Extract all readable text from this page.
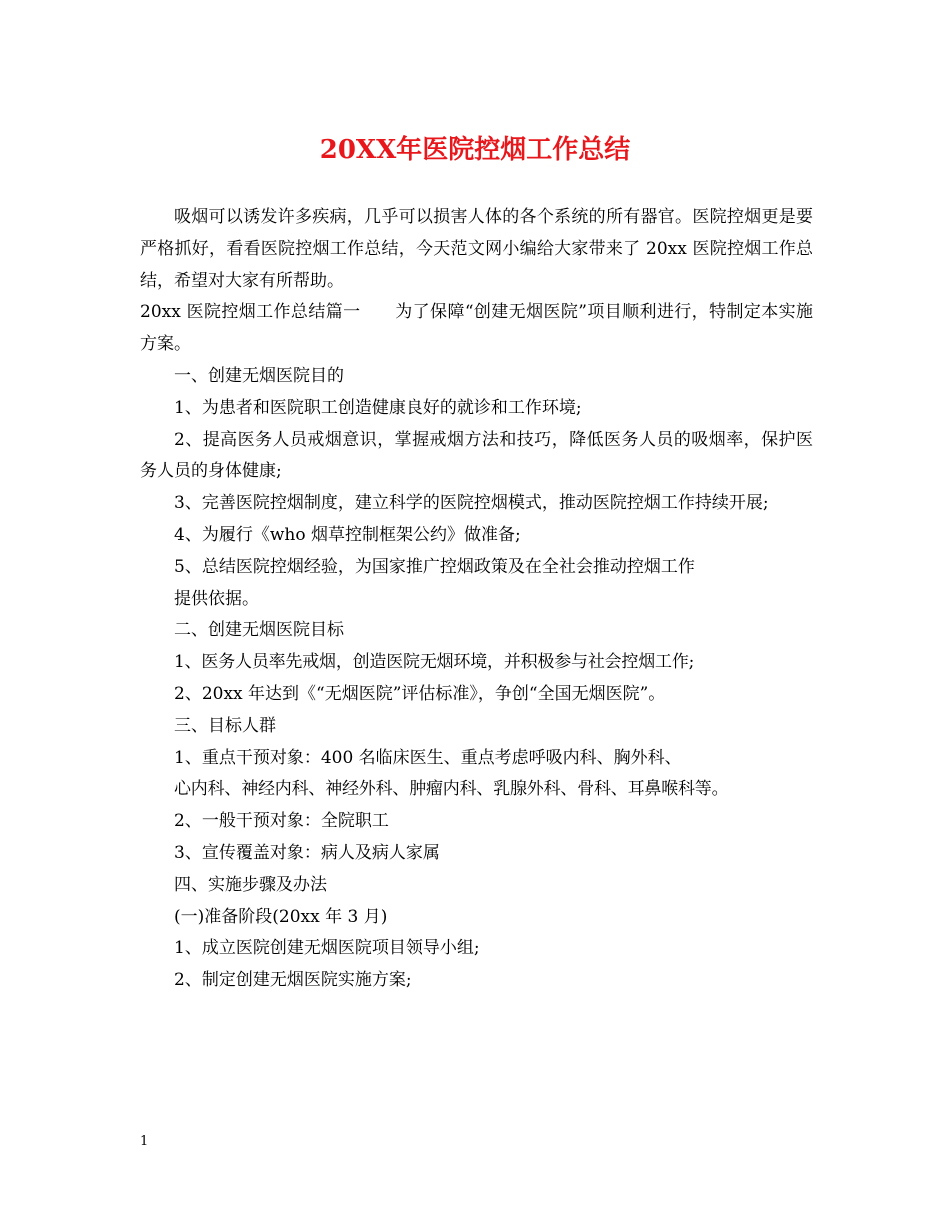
20XX年医院控烟工作总结

吸烟可以诱发许多疾病，几乎可以损害人体的各个系统的所有器官。医院控烟更是要严格抓好，看看医院控烟工作总结，今天范文网小编给大家带来了 20xx 医院控烟工作总结，希望对大家有所帮助。

20xx 医院控烟工作总结篇一　　为了保障“创建无烟医院”项目顺利进行，特制定本实施方案。

一、创建无烟医院目的

1、为患者和医院职工创造健康良好的就诊和工作环境;

2、提高医务人员戒烟意识，掌握戒烟方法和技巧，降低医务人员的吸烟率，保护医务人员的身体健康;

3、完善医院控烟制度，建立科学的医院控烟模式，推动医院控烟工作持续开展;

4、为履行《who 烟草控制框架公约》做准备;

5、总结医院控烟经验，为国家推广控烟政策及在全社会推动控烟工作

提供依据。

二、创建无烟医院目标

1、医务人员率先戒烟，创造医院无烟环境，并积极参与社会控烟工作;

2、20xx 年达到《“无烟医院”评估标准》，争创“全国无烟医院”。

三、目标人群

1、重点干预对象：400 名临床医生、重点考虑呼吸内科、胸外科、

心内科、神经内科、神经外科、肿瘤内科、乳腺外科、骨科、耳鼻喉科等。

2、一般干预对象：全院职工

3、宣传覆盖对象：病人及病人家属

四、实施步骤及办法

(一)准备阶段(20xx 年 3 月)

1、成立医院创建无烟医院项目领导小组;

2、制定创建无烟医院实施方案;

1
